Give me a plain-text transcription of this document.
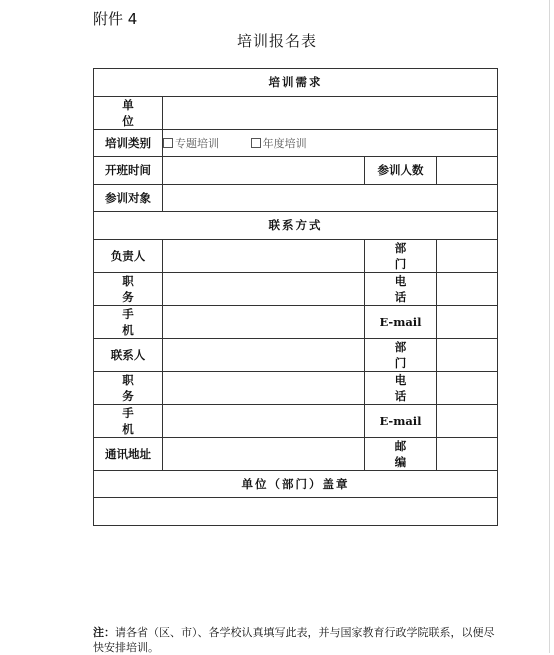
附件 4
培训报名表
培训需求			
单 位			
培训类别	专题培训 年度培训		
开班时间		参训人数	
参训对象			
联系方式			
负责人		部 门	
职 务		电 话	
手 机		E-mail	
联系人		部 门	
职 务		电 话	
手 机		E-mail	
通讯地址		邮 编	
单位（部门）盖章			

注：请各省（区、市）、各学校认真填写此表，并与国家教育行政学院联系，以便尽快安排培训。
